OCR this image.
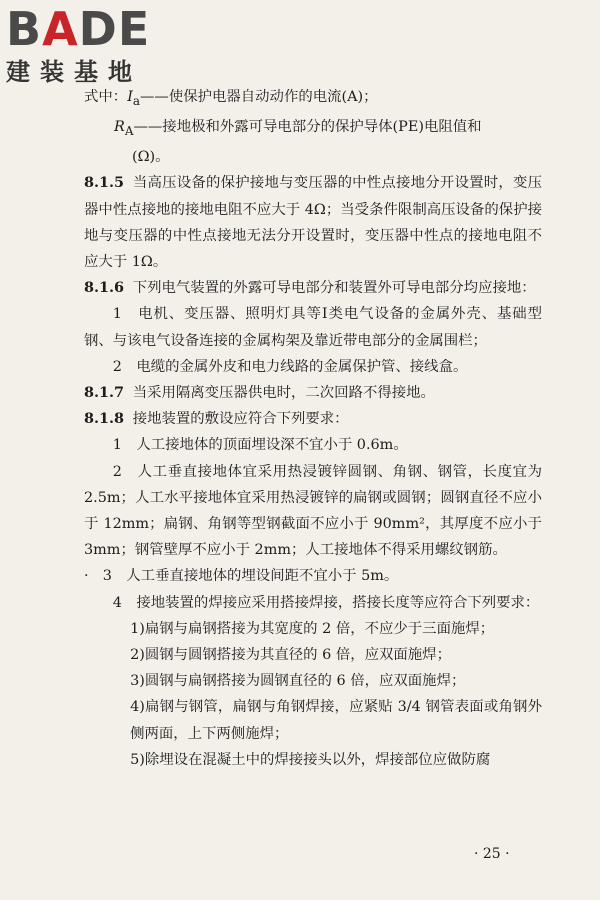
BADE
建装基地

式中：$I_a——$使保护电器自动动作的电流(A)；

$R_A——$接地极和外露可导电部分的保护导体(PE)电阻值和

(Ω)。

8.1.5 当高压设备的保护接地与变压器的中性点接地分开设置时，变压器中性点接地的接地电阻不应大于 4Ω；当受条件限制高压设备的保护接地与变压器的中性点接地无法分开设置时，变压器中性点的接地电阻不应大于 1Ω。

8.1.6 下列电气装置的外露可导电部分和装置外可导电部分均应接地：

1　 电机、变压器、照明灯具等Ⅰ类电气设备的金属外壳、基础型钢、与该电气设备连接的金属构架及靠近带电部分的金属围栏；

2　 电缆的金属外皮和电力线路的金属保护管、接线盒。

8.1.7 当采用隔离变压器供电时，二次回路不得接地。

8.1.8 接地装置的敷设应符合下列要求：

1　 人工接地体的顶面埋设深不宜小于 0.6m。

2　 人工垂直接地体宜采用热浸镀锌圆钢、角钢、钢管，长度宜为 2.5m；人工水平接地体宜采用热浸镀锌的扁钢或圆钢；圆钢直径不应小于 12mm；扁钢、角钢等型钢截面不应小于 90mm²，其厚度不应小于 3mm；钢管壁厚不应小于 2mm；人工接地体不得采用螺纹钢筋。

· 3　 人工垂直接地体的埋设间距不宜小于 5m。

4　 接地装置的焊接应采用搭接焊接，搭接长度等应符合下列要求：

1)扁钢与扁钢搭接为其宽度的 2 倍，不应少于三面施焊；

2)圆钢与圆钢搭接为其直径的 6 倍，应双面施焊；

3)圆钢与扁钢搭接为圆钢直径的 6 倍，应双面施焊；

4)扁钢与钢管，扁钢与角钢焊接，应紧贴 3/4 钢管表面或角钢外侧两面，上下两侧施焊；

5)除埋设在混凝土中的焊接接头以外，焊接部位应做防腐

· 25 ·
